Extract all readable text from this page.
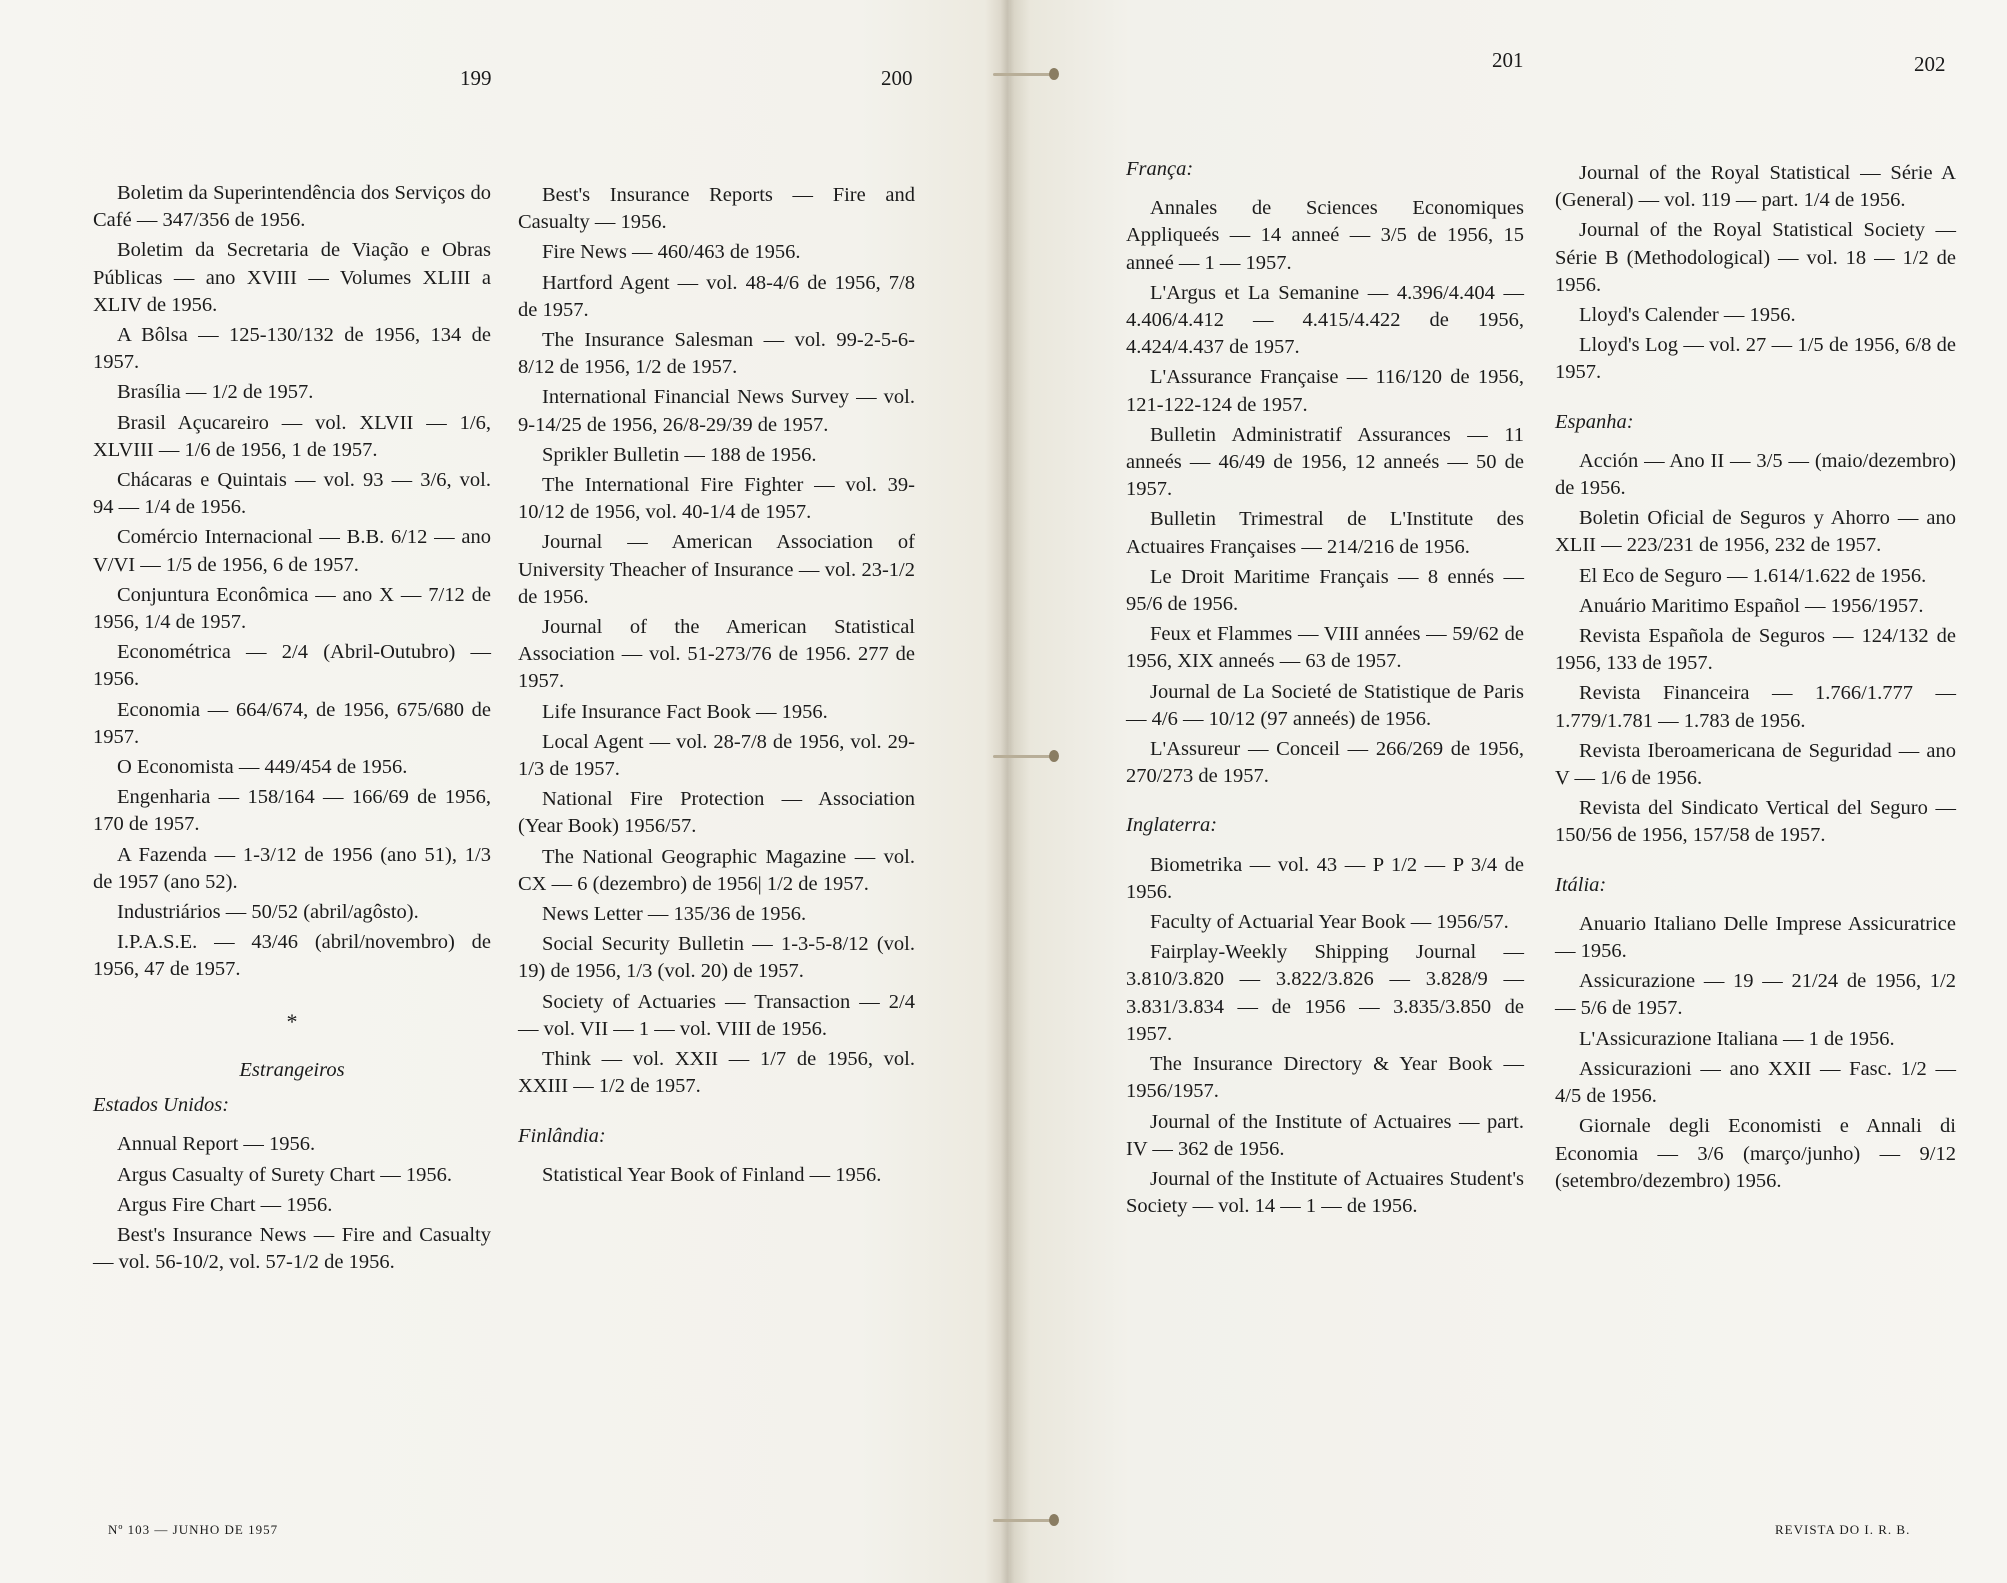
199	200
201	202

Boletim da Superintendência dos Serviços do Café — 347/356 de 1956.

Boletim da Secretaria de Viação e Obras Públicas — ano XVIII — Volumes XLIII a XLIV de 1956.

A Bôlsa — 125-130/132 de 1956, 134 de 1957.

Brasília — 1/2 de 1957.

Brasil Açucareiro — vol. XLVII — 1/6, XLVIII — 1/6 de 1956, 1 de 1957.

Chácaras e Quintais — vol. 93 — 3/6, vol. 94 — 1/4 de 1956.

Comércio Internacional — B.B. 6/12 — ano V/VI — 1/5 de 1956, 6 de 1957.

Conjuntura Econômica — ano X — 7/12 de 1956, 1/4 de 1957.

Econométrica — 2/4 (Abril-Outubro) — 1956.

Economia — 664/674, de 1956, 675/680 de 1957.

O Economista — 449/454 de 1956.

Engenharia — 158/164 — 166/69 de 1956, 170 de 1957.

A Fazenda — 1-3/12 de 1956 (ano 51), 1/3 de 1957 (ano 52).

Industriários — 50/52 (abril/agôsto).

I.P.A.S.E. — 43/46 (abril/novembro) de 1956, 47 de 1957.

*
Estrangeiros
Estados Unidos:

Annual Report — 1956.

Argus Casualty of Surety Chart — 1956.

Argus Fire Chart — 1956.

Best's Insurance News — Fire and Casualty — vol. 56-10/2, vol. 57-1/2 de 1956.

Best's Insurance Reports — Fire and Casualty — 1956.

Fire News — 460/463 de 1956.

Hartford Agent — vol. 48-4/6 de 1956, 7/8 de 1957.

The Insurance Salesman — vol. 99-2-5-6-8/12 de 1956, 1/2 de 1957.

International Financial News Survey — vol. 9-14/25 de 1956, 26/8-29/39 de 1957.

Sprikler Bulletin — 188 de 1956.

The International Fire Fighter — vol. 39-10/12 de 1956, vol. 40-1/4 de 1957.

Journal — American Association of University Theacher of Insurance — vol. 23-1/2 de 1956.

Journal of the American Statistical Association — vol. 51-273/76 de 1956. 277 de 1957.

Life Insurance Fact Book — 1956.

Local Agent — vol. 28-7/8 de 1956, vol. 29-1/3 de 1957.

National Fire Protection — Association (Year Book) 1956/57.

The National Geographic Magazine — vol. CX — 6 (dezembro) de 1956| 1/2 de 1957.

News Letter — 135/36 de 1956.

Social Security Bulletin — 1-3-5-8/12 (vol. 19) de 1956, 1/3 (vol. 20) de 1957.

Society of Actuaries — Transaction — 2/4 — vol. VII — 1 — vol. VIII de 1956.

Think — vol. XXII — 1/7 de 1956, vol. XXIII — 1/2 de 1957.

Finlândia:

Statistical Year Book of Finland — 1956.

França:

Annales de Sciences Economiques Appliqueés — 14 anneé — 3/5 de 1956, 15 anneé — 1 — 1957.

L'Argus et La Semanine — 4.396/4.404 — 4.406/4.412 — 4.415/4.422 de 1956, 4.424/4.437 de 1957.

L'Assurance Française — 116/120 de 1956, 121-122-124 de 1957.

Bulletin Administratif Assurances — 11 anneés — 46/49 de 1956, 12 anneés — 50 de 1957.

Bulletin Trimestral de L'Institute des Actuaires Françaises — 214/216 de 1956.

Le Droit Maritime Français — 8 ennés — 95/6 de 1956.

Feux et Flammes — VIII années — 59/62 de 1956, XIX anneés — 63 de 1957.

Journal de La Societé de Statistique de Paris — 4/6 — 10/12 (97 anneés) de 1956.

L'Assureur — Conceil — 266/269 de 1956, 270/273 de 1957.

Inglaterra:

Biometrika — vol. 43 — P 1/2 — P 3/4 de 1956.

Faculty of Actuarial Year Book — 1956/57.

Fairplay-Weekly Shipping Journal — 3.810/3.820 — 3.822/3.826 — 3.828/9 — 3.831/3.834 — de 1956 — 3.835/3.850 de 1957.

The Insurance Directory & Year Book — 1956/1957.

Journal of the Institute of Actuaires — part. IV — 362 de 1956.

Journal of the Institute of Actuaires Student's Society — vol. 14 — 1 — de 1956.

Journal of the Royal Statistical — Série A (General) — vol. 119 — part. 1/4 de 1956.

Journal of the Royal Statistical Society — Série B (Methodological) — vol. 18 — 1/2 de 1956.

Lloyd's Calender — 1956.

Lloyd's Log — vol. 27 — 1/5 de 1956, 6/8 de 1957.

Espanha:

Acción — Ano II — 3/5 — (maio/dezembro) de 1956.

Boletin Oficial de Seguros y Ahorro — ano XLII — 223/231 de 1956, 232 de 1957.

El Eco de Seguro — 1.614/1.622 de 1956.

Anuário Maritimo Español — 1956/1957.

Revista Española de Seguros — 124/132 de 1956, 133 de 1957.

Revista Financeira — 1.766/1.777 — 1.779/1.781 — 1.783 de 1956.

Revista Iberoamericana de Seguridad — ano V — 1/6 de 1956.

Revista del Sindicato Vertical del Seguro — 150/56 de 1956, 157/58 de 1957.

Itália:

Anuario Italiano Delle Imprese Assicuratrice — 1956.

Assicurazione — 19 — 21/24 de 1956, 1/2 — 5/6 de 1957.

L'Assicurazione Italiana — 1 de 1956.

Assicurazioni — ano XXII — Fasc. 1/2 — 4/5 de 1956.

Giornale degli Economisti e Annali di Economia — 3/6 (março/junho) — 9/12 (setembro/dezembro) 1956.

Nº 103 — JUNHO DE 1957	REVISTA DO I. R. B.
